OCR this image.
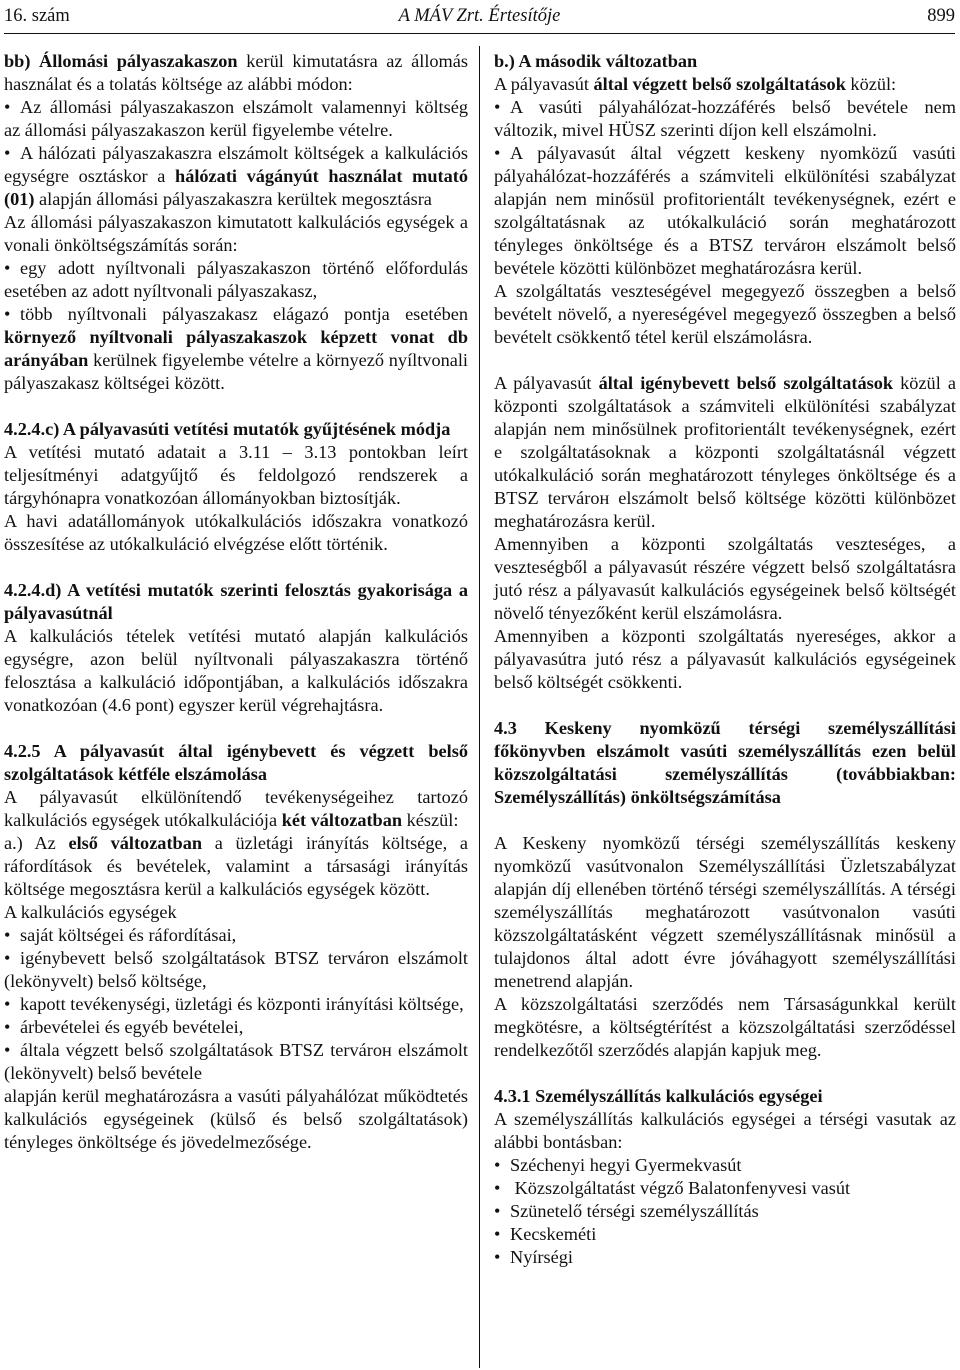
16. szám	A MÁV Zrt. Értesítője	899

bb) Állomási pályaszakaszon kerül kimutatásra az állomás használat és a tolatás költsége az alábbi módon:

• Az állomási pályaszakaszon elszámolt valamennyi költség az állomási pályaszakaszon kerül figyelembe vételre.

• A hálózati pályaszakaszra elszámolt költségek a kalkulációs egységre osztáskor a hálózati vágányút használat mutató (01) alapján állomási pályaszakaszra kerültek megosztásra

Az állomási pályaszakaszon kimutatott kalkulációs egységek a vonali önköltségszámítás során:

• egy adott nyíltvonali pályaszakaszon történő előfordulás esetében az adott nyíltvonali pályaszakasz,

• több nyíltvonali pályaszakasz elágazó pontja esetében környező nyíltvonali pályaszakaszok képzett vonat db arányában kerülnek figyelembe vételre a környező nyíltvonali pályaszakasz költségei között.

4.2.4.c) A pályavasúti vetítési mutatók gyűjtésének módja

A vetítési mutató adatait a 3.11 – 3.13 pontokban leírt teljesítményi adatgyűjtő és feldolgozó rendszerek a tárgyhónapra vonatkozóan állományokban biztosítják.

A havi adatállományok utókalkulációs időszakra vonatkozó összesítése az utókalkuláció elvégzése előtt történik.

4.2.4.d) A vetítési mutatók szerinti felosztás gyakorisága a pályavasútnál

A kalkulációs tételek vetítési mutató alapján kalkulációs egységre, azon belül nyíltvonali pályaszakaszra történő felosztása a kalkuláció időpontjában, a kalkulációs időszakra vonatkozóan (4.6 pont) egyszer kerül végrehajtásra.

4.2.5 A pályavasút által igénybevett és végzett belső szolgáltatások kétféle elszámolása

A pályavasút elkülönítendő tevékenységeihez tartozó kalkulációs egységek utókalkulációja két változatban készül:

a.) Az első változatban a üzletági irányítás költsége, a ráfordítások és bevételek, valamint a társasági irányítás költsége megosztásra kerül a kalkulációs egységek között.

A kalkulációs egységek

• saját költségei és ráfordításai,

• igénybevett belső szolgáltatások BTSZ terváron elszámolt (lekönyvelt) belső költsége,

• kapott tevékenységi, üzletági és központi irányítási költsége,

• árbevételei és egyéb bevételei,

• általa végzett belső szolgáltatások BTSZ tervárон elszámolt (lekönyvelt) belső bevétele

alapján kerül meghatározásra a vasúti pályahálózat működtetés kalkulációs egységeinek (külső és belső szolgáltatások) tényleges önköltsége és jövedelmezősége.

b.) A második változatban

A pályavasút által végzett belső szolgáltatások közül:

• A vasúti pályahálózat-hozzáférés belső bevétele nem változik, mivel HÜSZ szerinti díjon kell elszámolni.

• A pályavasút által végzett keskeny nyomközű vasúti pályahálózat-hozzáférés a számviteli elkülönítési szabályzat alapján nem minősül profitorientált tevékenységnek, ezért e szolgáltatásnak az utókalkuláció során meghatározott tényleges önköltsége és a BTSZ tervárон elszámolt belső bevétele közötti különbözet meghatározásra kerül.

A szolgáltatás veszteségével megegyező összegben a belső bevételt növelő, a nyereségével megegyező összegben a belső bevételt csökkentő tétel kerül elszámolásra.

A pályavasút által igénybevett belső szolgáltatások közül a központi szolgáltatások a számviteli elkülönítési szabályzat alapján nem minősülnek profitorientált tevékenységnek, ezért e szolgáltatásoknak a központi szolgáltatásnál végzett utókalkuláció során meghatározott tényleges önköltsége és a BTSZ tervárон elszámolt belső költsége közötti különbözet meghatározásra kerül.

Amennyiben a központi szolgáltatás veszteséges, a veszteségből a pályavasút részére végzett belső szolgáltatásra jutó rész a pályavasút kalkulációs egységeinek belső költségét növelő tényezőként kerül elszámolásra.

Amennyiben a központi szolgáltatás nyereséges, akkor a pályavasútra jutó rész a pályavasút kalkulációs egységeinek belső költségét csökkenti.

4.3 Keskeny nyomközű térségi személyszállítási főkönyvben elszámolt vasúti személyszállítás ezen belül közszolgáltatási személyszállítás (továbbiakban: Személyszállítás) önköltségszámítása

A Keskeny nyomközű térségi személyszállítás keskeny nyomközű vasútvonalon Személyszállítási Üzletszabályzat alapján díj ellenében történő térségi személyszállítás. A térségi személyszállítás meghatározott vasútvonalon vasúti közszolgáltatásként végzett személyszállításnak minősül a tulajdonos által adott évre jóváhagyott személyszállítási menetrend alapján.

A közszolgáltatási szerződés nem Társaságunkkal került megkötésre, a költségtérítést a közszolgáltatási szerződéssel rendelkezőtől szerződés alapján kapjuk meg.

4.3.1 Személyszállítás kalkulációs egységei

A személyszállítás kalkulációs egységei a térségi vasutak az alábbi bontásban:

• Széchenyi hegyi Gyermekvasút

• Közszolgáltatást végző Balatonfenyvesi vasút

• Szünetelő térségi személyszállítás

• Kecskeméti

• Nyírségi
